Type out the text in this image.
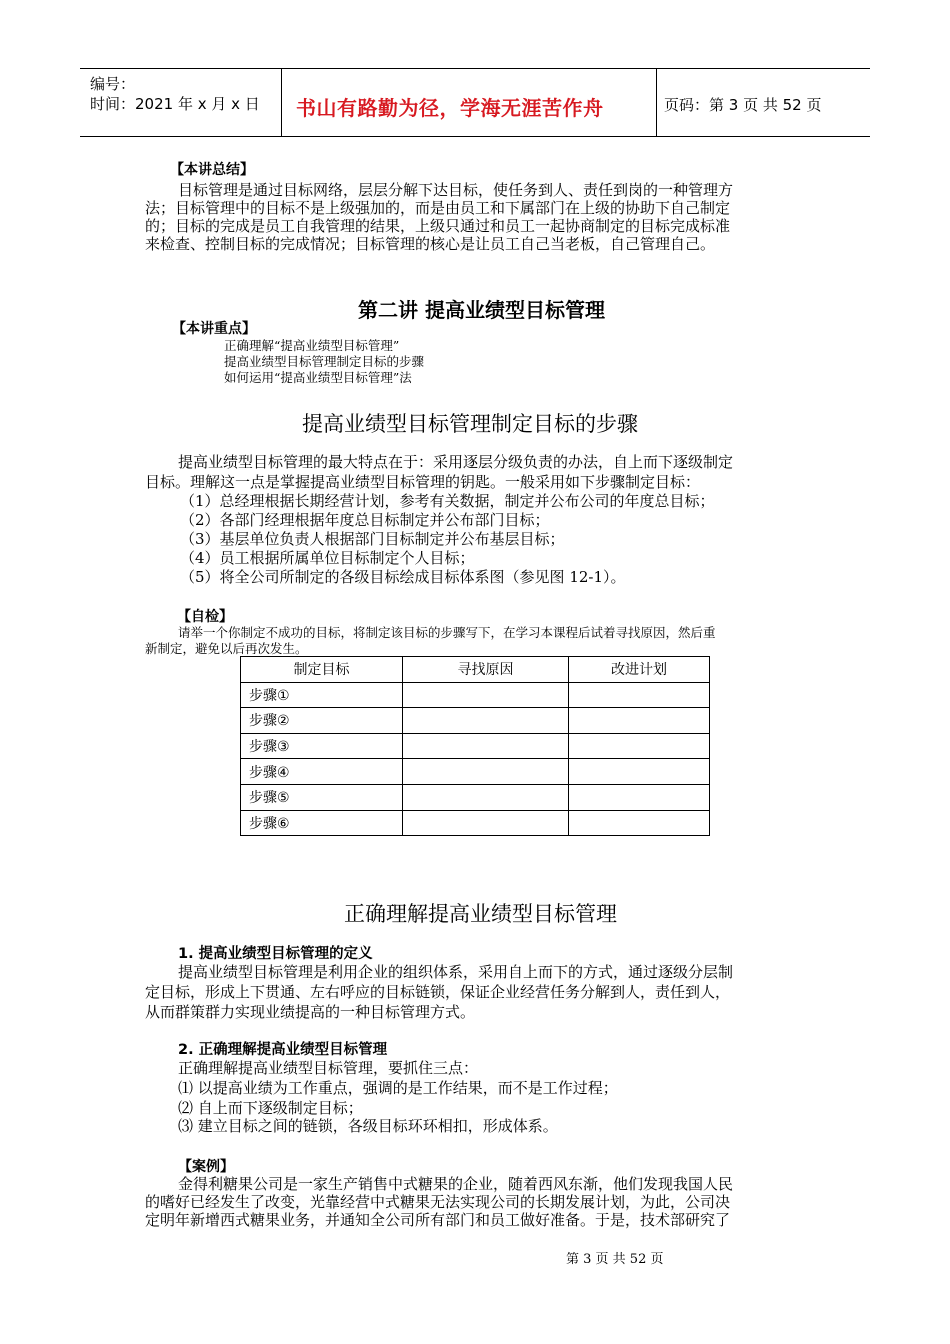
编号：
时间：2021 年 x 月 x 日 书山有路勤为径，学海无涯苦作舟	页码：第 3 页 共 52 页
【本讲总结】
目标管理是通过目标网络，层层分解下达目标，使任务到人、责任到岗的一种管理方
法；目标管理中的目标不是上级强加的，而是由员工和下属部门在上级的协助下自己制定
的；目标的完成是员工自我管理的结果，上级只通过和员工一起协商制定的目标完成标准
来检查、控制目标的完成情况；目标管理的核心是让员工自己当老板，自己管理自己。
第二讲 提高业绩型目标管理
【本讲重点】
正确理解“提高业绩型目标管理”
提高业绩型目标管理制定目标的步骤
如何运用“提高业绩型目标管理”法
提高业绩型目标管理制定目标的步骤
提高业绩型目标管理的最大特点在于：采用逐层分级负责的办法，自上而下逐级制定
目标。理解这一点是掌握提高业绩型目标管理的钥匙。一般采用如下步骤制定目标：
（1）总经理根据长期经营计划，参考有关数据，制定并公布公司的年度总目标；
（2）各部门经理根据年度总目标制定并公布部门目标；
（3）基层单位负责人根据部门目标制定并公布基层目标；
（4）员工根据所属单位目标制定个人目标；
（5）将全公司所制定的各级目标绘成目标体系图（参见图 12-1）。
【自检】
请举一个你制定不成功的目标，将制定该目标的步骤写下，在学习本课程后试着寻找原因，然后重
新制定，避免以后再次发生。
制定目标	寻找原因	改进计划
步骤①		
步骤②		
步骤③		
步骤④		
步骤⑤		
步骤⑥		
正确理解提高业绩型目标管理
1. 提高业绩型目标管理的定义
提高业绩型目标管理是利用企业的组织体系，采用自上而下的方式，通过逐级分层制
定目标，形成上下贯通、左右呼应的目标链锁，保证企业经营任务分解到人，责任到人，
从而群策群力实现业绩提高的一种目标管理方式。
2. 正确理解提高业绩型目标管理
正确理解提高业绩型目标管理，要抓住三点：
⑴ 以提高业绩为工作重点，强调的是工作结果，而不是工作过程；
⑵ 自上而下逐级制定目标；
⑶ 建立目标之间的链锁，各级目标环环相扣，形成体系。
【案例】
金得利糖果公司是一家生产销售中式糖果的企业，随着西风东渐，他们发现我国人民
的嗜好已经发生了改变，光靠经营中式糖果无法实现公司的长期发展计划，为此，公司决
定明年新增西式糖果业务，并通知全公司所有部门和员工做好准备。于是，技术部研究了
第 3 页 共 52 页
